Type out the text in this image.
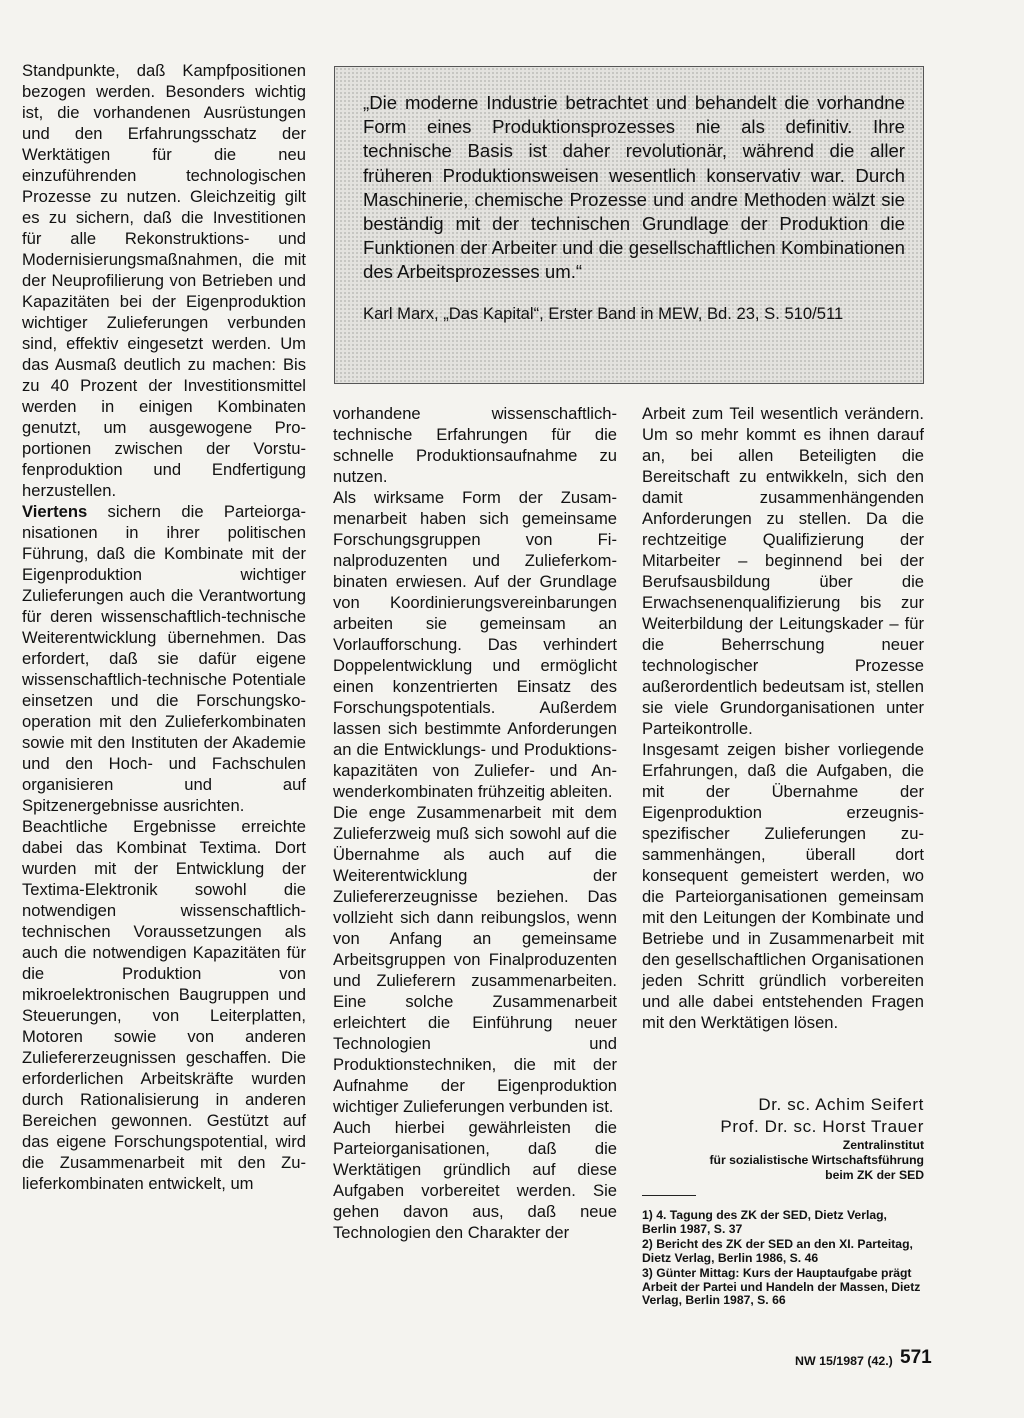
Standpunkte, daß Kampfpositionen bezogen werden. Besonders wichtig ist, die vorhandenen Ausrüstungen und den Erfahrungsschatz der Werktätigen für die neu einzuführenden technologischen Prozesse zu nutzen. Gleichzeitig gilt es zu sichern, daß die Investitionen für alle Rekonstruktions- und Modernisierungsmaßnahmen, die mit der Neuprofilierung von Betrieben und Kapazitäten bei der Eigenproduktion wichtiger Zulieferungen verbunden sind, effektiv eingesetzt werden. Um das Ausmaß deutlich zu machen: Bis zu 40 Prozent der Investitionsmittel werden in einigen Kombinaten genutzt, um ausgewogene Proportionen zwischen der Vorstufenproduktion und Endfertigung herzustellen.

Viertens sichern die Parteiorganisationen in ihrer politischen Führung, daß die Kombinate mit der Eigenproduktion wichtiger Zulieferungen auch die Verantwortung für deren wissenschaftlich-technische Weiterentwicklung übernehmen. Das erfordert, daß sie dafür eigene wissenschaftlich-technische Potentiale einsetzen und die Forschungskooperation mit den Zulieferkombinaten sowie mit den Instituten der Akademie und den Hoch- und Fachschulen organisieren und auf Spitzenergebnisse ausrichten.

Beachtliche Ergebnisse erreichte dabei das Kombinat Textima. Dort wurden mit der Entwicklung der Textima-Elektronik sowohl die notwendigen wissenschaftlich-technischen Voraussetzungen als auch die notwendigen Kapazitäten für die Produktion von mikroelektronischen Baugruppen und Steuerungen, von Leiterplatten, Motoren sowie von anderen Zuliefererzeugnissen geschaffen. Die erforderlichen Arbeitskräfte wurden durch Rationalisierung in anderen Bereichen gewonnen. Gestützt auf das eigene Forschungspotential, wird die Zusammenarbeit mit den Zulieferkombinaten entwickelt, um

„Die moderne Industrie betrachtet und behandelt die vorhandne Form eines Produktionsprozesses nie als definitiv. Ihre technische Basis ist daher revolutionär, während die aller früheren Produktionsweisen wesentlich konservativ war. Durch Maschinerie, chemische Prozesse und andre Methoden wälzt sie beständig mit der technischen Grundlage der Produktion die Funktionen der Arbeiter und die gesellschaftlichen Kombinationen des Arbeitsprozesses um.“

Karl Marx, „Das Kapital“, Erster Band in MEW, Bd. 23, S. 510/511

vorhandene wissenschaftlich-technische Erfahrungen für die schnelle Produktionsaufnahme zu nutzen.

Als wirksame Form der Zusammenarbeit haben sich gemeinsame Forschungsgruppen von Finalproduzenten und Zulieferkombinaten erwiesen. Auf der Grundlage von Koordinierungsvereinbarungen arbeiten sie gemeinsam an Vorlaufforschung. Das verhindert Doppelentwicklung und ermöglicht einen konzentrierten Einsatz des Forschungspotentials. Außerdem lassen sich bestimmte Anforderungen an die Entwicklungs- und Produktionskapazitäten von Zuliefer- und Anwenderkombinaten frühzeitig ableiten.

Die enge Zusammenarbeit mit dem Zulieferzweig muß sich sowohl auf die Übernahme als auch auf die Weiterentwicklung der Zuliefererzeugnisse beziehen. Das vollzieht sich dann reibungslos, wenn von Anfang an gemeinsame Arbeitsgruppen von Finalproduzenten und Zulieferern zusammenarbeiten. Eine solche Zusammenarbeit erleichtert die Einführung neuer Technologien und Produktionstechniken, die mit der Aufnahme der Eigenproduktion wichtiger Zulieferungen verbunden ist.

Auch hierbei gewährleisten die Parteiorganisationen, daß die Werktätigen gründlich auf diese Aufgaben vorbereitet werden. Sie gehen davon aus, daß neue Technologien den Charakter der

Arbeit zum Teil wesentlich verändern. Um so mehr kommt es ihnen darauf an, bei allen Beteiligten die Bereitschaft zu entwikkeln, sich den damit zusammenhängenden Anforderungen zu stellen. Da die rechtzeitige Qualifizierung der Mitarbeiter – beginnend bei der Berufsausbildung über die Erwachsenenqualifizierung bis zur Weiterbildung der Leitungskader – für die Beherrschung neuer technologischer Prozesse außerordentlich bedeutsam ist, stellen sie viele Grundorganisationen unter Parteikontrolle.

Insgesamt zeigen bisher vorliegende Erfahrungen, daß die Aufgaben, die mit der Übernahme der Eigenproduktion erzeugnisspezifischer Zulieferungen zusammenhängen, überall dort konsequent gemeistert werden, wo die Parteiorganisationen gemeinsam mit den Leitungen der Kombinate und Betriebe und in Zusammenarbeit mit den gesellschaftlichen Organisationen jeden Schritt gründlich vorbereiten und alle dabei entstehenden Fragen mit den Werktätigen lösen.

Dr. sc. Achim Seifert
Prof. Dr. sc. Horst Trauer
Zentralinstitut
für sozialistische Wirtschaftsführung
beim ZK der SED

1) 4. Tagung des ZK der SED, Dietz Verlag, Berlin 1987, S. 37

2) Bericht des ZK der SED an den XI. Parteitag, Dietz Verlag, Berlin 1986, S. 46

3) Günter Mittag: Kurs der Hauptaufgabe prägt Arbeit der Partei und Handeln der Massen, Dietz Verlag, Berlin 1987, S. 66

NW 15/1987 (42.) 571
